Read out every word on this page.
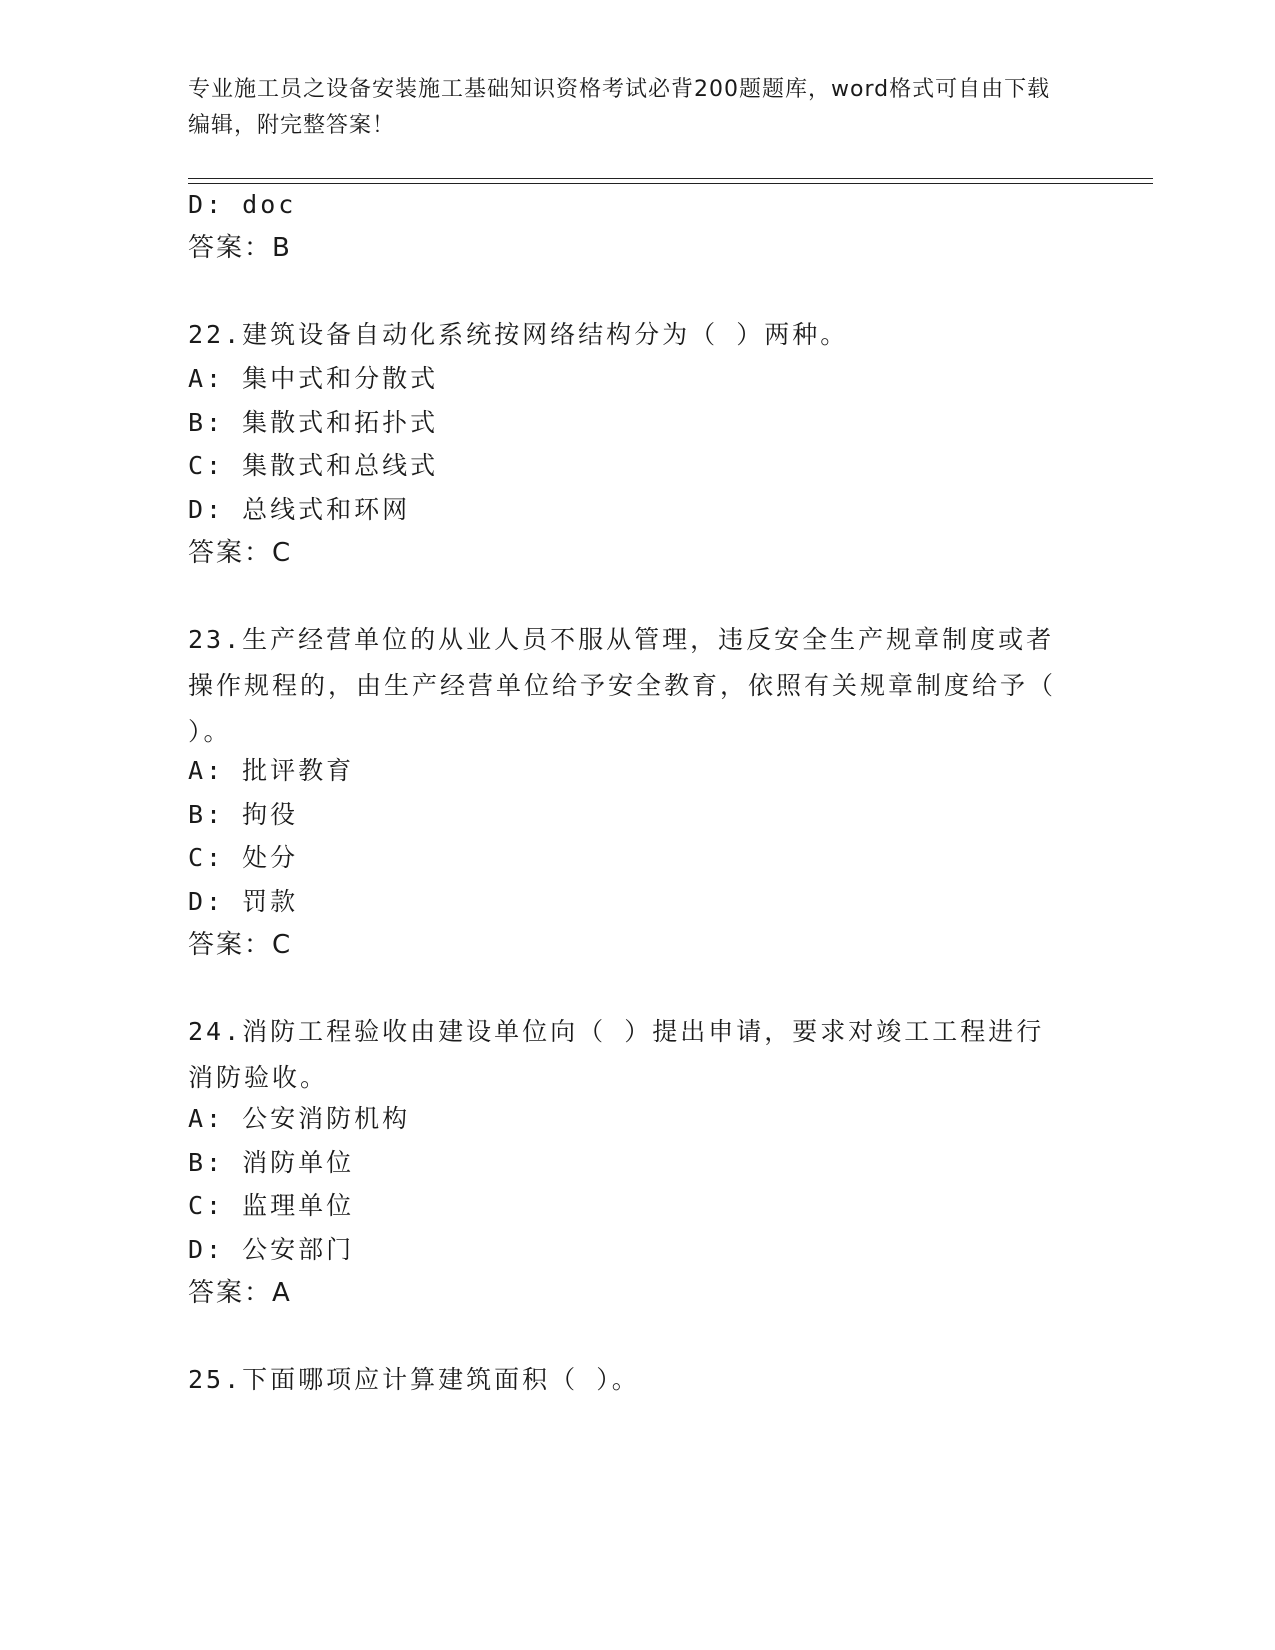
专业施工员之设备安装施工基础知识资格考试必背200题题库，word格式可自由下载编辑，附完整答案！
D: doc
答案：B
22.建筑设备自动化系统按网络结构分为（ ）两种。
A: 集中式和分散式
B: 集散式和拓扑式
C: 集散式和总线式
D: 总线式和环网
答案：C
23.生产经营单位的从业人员不服从管理，违反安全生产规章制度或者操作规程的，由生产经营单位给予安全教育，依照有关规章制度给予（ ）。
A: 批评教育
B: 拘役
C: 处分
D: 罚款
答案：C
24.消防工程验收由建设单位向（ ）提出申请，要求对竣工工程进行消防验收。
A: 公安消防机构
B: 消防单位
C: 监理单位
D: 公安部门
答案：A
25.下面哪项应计算建筑面积（ ）。
